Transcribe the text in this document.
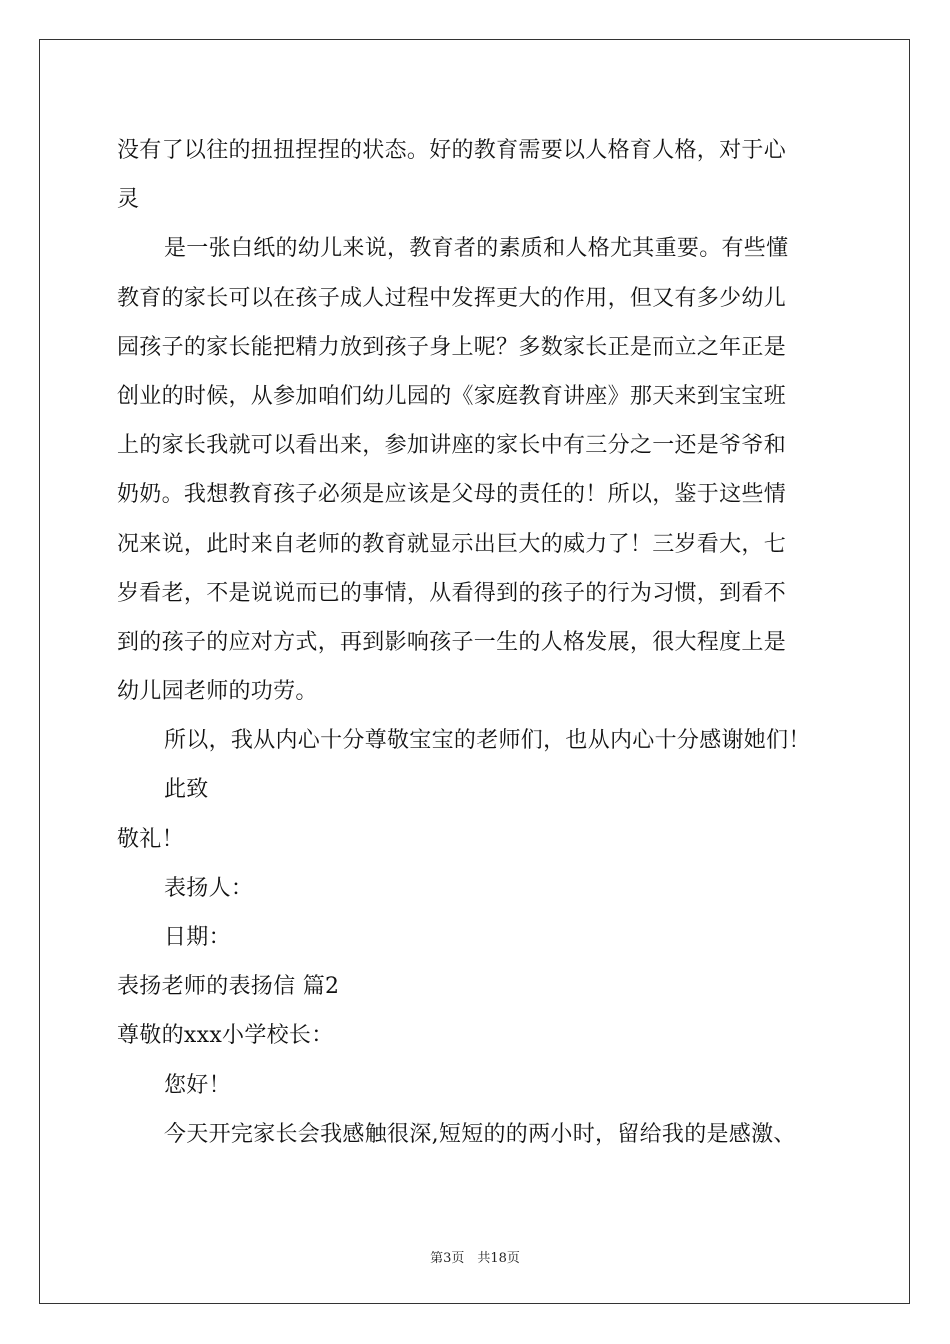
没有了以往的扭扭捏捏的状态。好的教育需要以人格育人格，对于心
灵
是一张白纸的幼儿来说，教育者的素质和人格尤其重要。有些懂
教育的家长可以在孩子成人过程中发挥更大的作用，但又有多少幼儿
园孩子的家长能把精力放到孩子身上呢？多数家长正是而立之年正是
创业的时候，从参加咱们幼儿园的《家庭教育讲座》那天来到宝宝班
上的家长我就可以看出来，参加讲座的家长中有三分之一还是爷爷和
奶奶。我想教育孩子必须是应该是父母的责任的！所以，鉴于这些情
况来说，此时来自老师的教育就显示出巨大的威力了！三岁看大，七
岁看老，不是说说而已的事情，从看得到的孩子的行为习惯，到看不
到的孩子的应对方式，再到影响孩子一生的人格发展，很大程度上是
幼儿园老师的功劳。
所以，我从内心十分尊敬宝宝的老师们，也从内心十分感谢她们！
此致
敬礼！
表扬人：
日期：
表扬老师的表扬信 篇2
尊敬的xxx小学校长：
您好！
今天开完家长会我感触很深,短短的的两小时，留给我的是感激、
第3页　共18页
